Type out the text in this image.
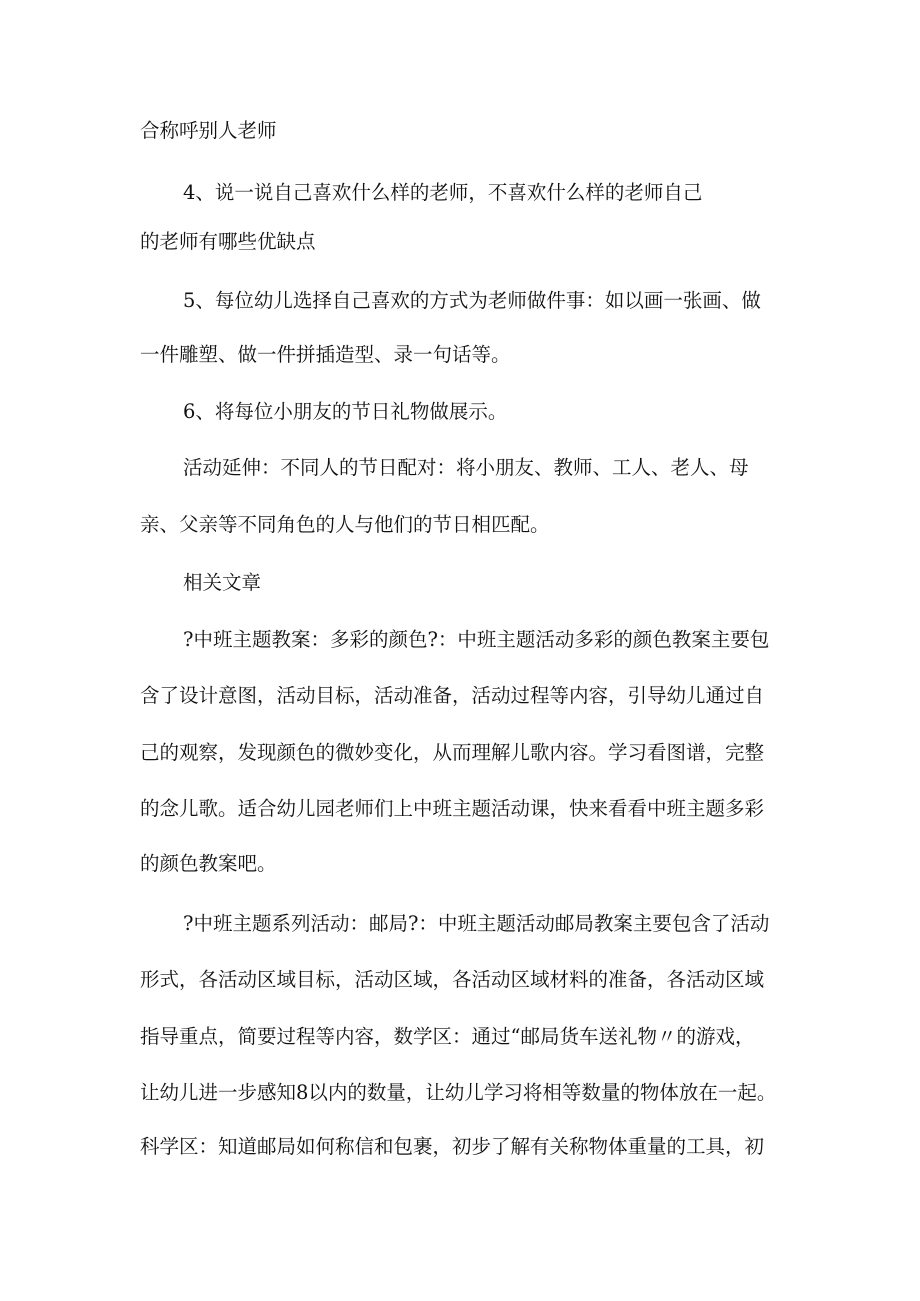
合称呼别人老师
4、说一说自己喜欢什么样的老师，不喜欢什么样的老师自己
的老师有哪些优缺点
5、每位幼儿选择自己喜欢的方式为老师做件事：如以画一张画、做
一件雕塑、做一件拼插造型、录一句话等。
6、将每位小朋友的节日礼物做展示。
活动延伸：不同人的节日配对：将小朋友、教师、工人、老人、母
亲、父亲等不同角色的人与他们的节日相匹配。
相关文章
?中班主题教案：多彩的颜色?：中班主题活动多彩的颜色教案主要包
含了设计意图，活动目标，活动准备，活动过程等内容，引导幼儿通过自
己的观察，发现颜色的微妙变化，从而理解儿歌内容。学习看图谱，完整
的念儿歌。适合幼儿园老师们上中班主题活动课，快来看看中班主题多彩
的颜色教案吧。
?中班主题系列活动：邮局?：中班主题活动邮局教案主要包含了活动
形式，各活动区域目标，活动区域，各活动区域材料的准备，各活动区域
指导重点，简要过程等内容，数学区：通过“邮局货车送礼物〃的游戏，
让幼儿进一步感知8以内的数量，让幼儿学习将相等数量的物体放在一起。
科学区：知道邮局如何称信和包裹，初步了解有关称物体重量的工具，初
